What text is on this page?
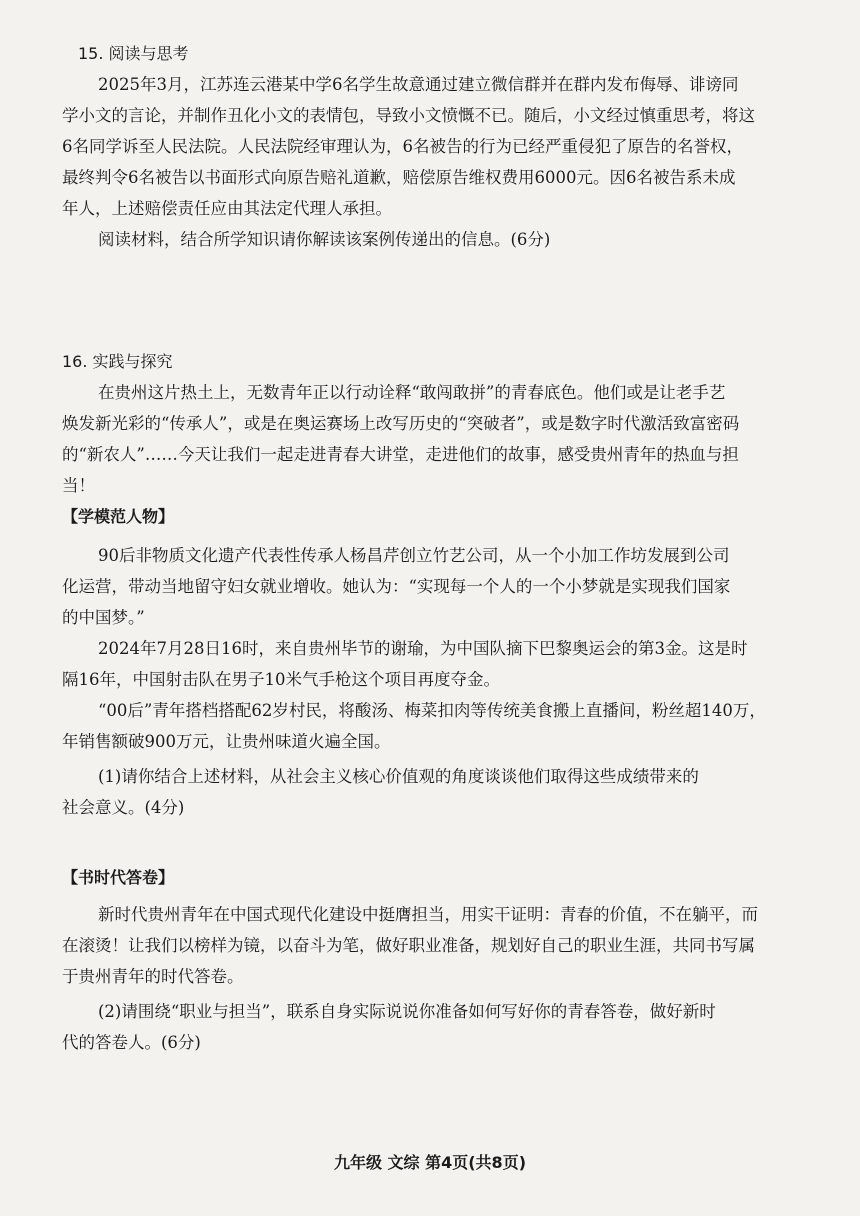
15. 阅读与思考
2025年3月，江苏连云港某中学6名学生故意通过建立微信群并在群内发布侮辱、诽谤同
学小文的言论，并制作丑化小文的表情包，导致小文愤慨不已。随后，小文经过慎重思考，将这
6名同学诉至人民法院。人民法院经审理认为，6名被告的行为已经严重侵犯了原告的名誉权，
最终判令6名被告以书面形式向原告赔礼道歉，赔偿原告维权费用6000元。因6名被告系未成
年人，上述赔偿责任应由其法定代理人承担。
阅读材料，结合所学知识请你解读该案例传递出的信息。(6分)
16. 实践与探究
在贵州这片热土上，无数青年正以行动诠释“敢闯敢拼”的青春底色。他们或是让老手艺
焕发新光彩的“传承人”，或是在奥运赛场上改写历史的“突破者”，或是数字时代激活致富密码
的“新农人”……今天让我们一起走进青春大讲堂，走进他们的故事，感受贵州青年的热血与担
当！
【学模范人物】
90后非物质文化遗产代表性传承人杨昌芹创立竹艺公司，从一个小加工作坊发展到公司
化运营，带动当地留守妇女就业增收。她认为：“实现每一个人的一个小梦就是实现我们国家
的中国梦。”
2024年7月28日16时，来自贵州毕节的谢瑜，为中国队摘下巴黎奥运会的第3金。这是时
隔16年，中国射击队在男子10米气手枪这个项目再度夺金。
“00后”青年搭档搭配62岁村民，将酸汤、梅菜扣肉等传统美食搬上直播间，粉丝超140万，
年销售额破900万元，让贵州味道火遍全国。
(1)请你结合上述材料，从社会主义核心价值观的角度谈谈他们取得这些成绩带来的
社会意义。(4分)
【书时代答卷】
新时代贵州青年在中国式现代化建设中挺膺担当，用实干证明：青春的价值，不在躺平，而
在滚烫！让我们以榜样为镜，以奋斗为笔，做好职业准备，规划好自己的职业生涯，共同书写属
于贵州青年的时代答卷。
(2)请围绕“职业与担当”，联系自身实际说说你准备如何写好你的青春答卷，做好新时
代的答卷人。(6分)
九年级 文综 第4页(共8页)
